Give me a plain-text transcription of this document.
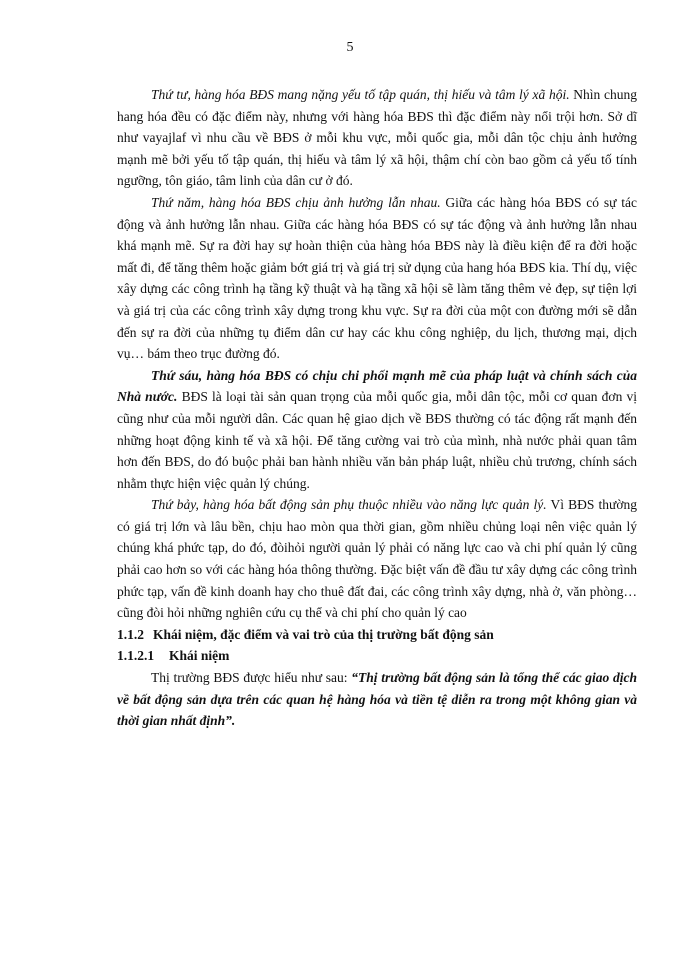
5

Thứ tư, hàng hóa BĐS mang nặng yếu tố tập quán, thị hiếu và tâm lý xã hội. Nhìn chung hang hóa đều có đặc điểm này, nhưng với hàng hóa BĐS thì đặc điểm này nổi trội hơn. Sở dĩ như vayajlaf vì nhu cầu về BĐS ở mỗi khu vực, mỗi quốc gia, mỗi dân tộc chịu ảnh hưởng mạnh mẽ bởi yếu tố tập quán, thị hiếu và tâm lý xã hội, thậm chí còn bao gồm cả yếu tố tính ngưỡng, tôn giáo, tâm linh của dân cư ở đó.

Thứ năm, hàng hóa BĐS chịu ảnh hưởng lẫn nhau. Giữa các hàng hóa BĐS có sự tác động và ảnh hưởng lẫn nhau. Giữa các hàng hóa BĐS có sự tác động và ảnh hưởng lẫn nhau khá mạnh mẽ. Sự ra đời hay sự hoàn thiện của hàng hóa BĐS này là điều kiện để ra đời hoặc mất đi, để tăng thêm hoặc giảm bớt giá trị và giá trị sử dụng của hang hóa BĐS kia. Thí dụ, việc xây dựng các công trình hạ tầng kỹ thuật và hạ tầng xã hội sẽ làm tăng thêm vẻ đẹp, sự tiện lợi và giá trị của các công trình xây dựng trong khu vực. Sự ra đời của một con đường mới sẽ dẫn đến sự ra đời của những tụ điểm dân cư hay các khu công nghiệp, du lịch, thương mại, dịch vụ… bám theo trục đường đó.

Thứ sáu, hàng hóa BĐS có chịu chi phối mạnh mẽ của pháp luật và chính sách của Nhà nước. BĐS là loại tài sản quan trọng của mỗi quốc gia, mỗi dân tộc, mỗi cơ quan đơn vị cũng như của mỗi người dân. Các quan hệ giao dịch về BĐS thường có tác động rất mạnh đến những hoạt động kinh tế và xã hội. Để tăng cường vai trò của mình, nhà nước phải quan tâm hơn đến BĐS, do đó buộc phải ban hành nhiều văn bản pháp luật, nhiều chủ trương, chính sách nhằm thực hiện việc quản lý chúng.

Thứ bảy, hàng hóa bất động sản phụ thuộc nhiều vào năng lực quản lý. Vì BĐS thường có giá trị lớn và lâu bền, chịu hao mòn qua thời gian, gồm nhiều chủng loại nên việc quản lý chúng khá phức tạp, do đó, đòihỏi người quản lý phải có năng lực cao và chi phí quản lý cũng phải cao hơn so với các hàng hóa thông thường. Đặc biệt vấn đề đầu tư xây dựng các công trình phức tạp, vấn đề kinh doanh hay cho thuê đất đai, các công trình xây dựng, nhà ở, văn phòng… cũng đòi hỏi những nghiên cứu cụ thể và chi phí cho quản lý cao

1.1.2 Khái niệm, đặc điểm và vai trò của thị trường bất động sản

1.1.2.1 Khái niệm

Thị trường BĐS được hiểu như sau: “Thị trường bất động sản là tổng thể các giao dịch về bất động sản dựa trên các quan hệ hàng hóa và tiền tệ diễn ra trong một không gian và thời gian nhất định”.
